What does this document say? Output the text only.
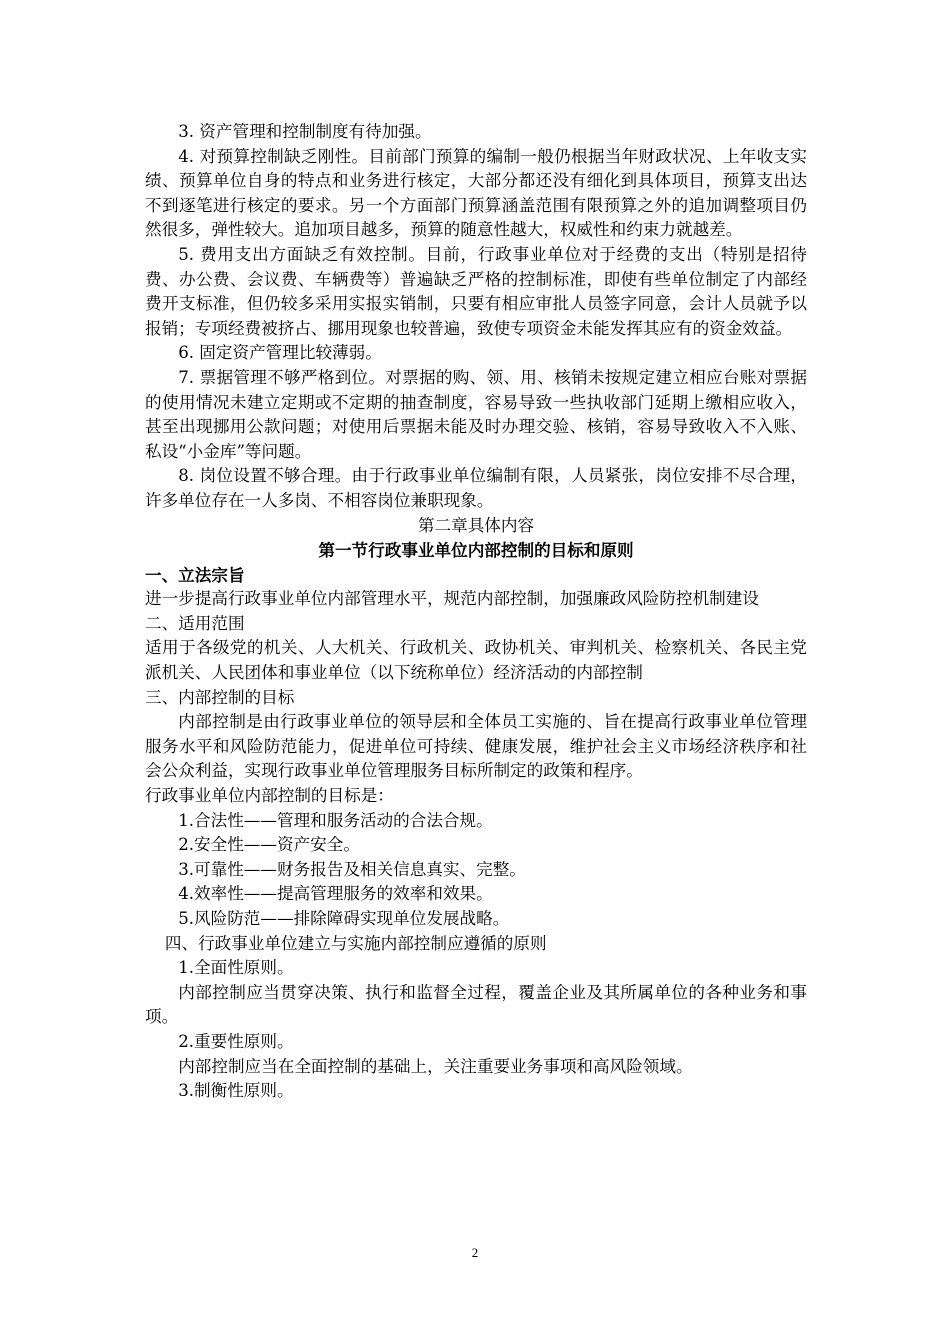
3. 资产管理和控制制度有待加强。

4. 对预算控制缺乏刚性。目前部门预算的编制一般仍根据当年财政状况、上年收支实绩、预算单位自身的特点和业务进行核定，大部分都还没有细化到具体项目，预算支出达不到逐笔进行核定的要求。另一个方面部门预算涵盖范围有限预算之外的追加调整项目仍然很多，弹性较大。追加项目越多，预算的随意性越大，权威性和约束力就越差。

5. 费用支出方面缺乏有效控制。目前，行政事业单位对于经费的支出（特别是招待费、办公费、会议费、车辆费等）普遍缺乏严格的控制标准，即使有些单位制定了内部经费开支标准，但仍较多采用实报实销制，只要有相应审批人员签字同意，会计人员就予以报销；专项经费被挤占、挪用现象也较普遍，致使专项资金未能发挥其应有的资金效益。

6. 固定资产管理比较薄弱。

7. 票据管理不够严格到位。对票据的购、领、用、核销未按规定建立相应台账对票据的使用情况未建立定期或不定期的抽查制度，容易导致一些执收部门延期上缴相应收入，甚至出现挪用公款问题；对使用后票据未能及时办理交验、核销，容易导致收入不入账、私设“小金库”等问题。

8. 岗位设置不够合理。由于行政事业单位编制有限，人员紧张，岗位安排不尽合理，许多单位存在一人多岗、不相容岗位兼职现象。

第二章具体内容

第一节行政事业单位内部控制的目标和原则

一、立法宗旨

进一步提高行政事业单位内部管理水平，规范内部控制，加强廉政风险防控机制建设

二、适用范围

适用于各级党的机关、人大机关、行政机关、政协机关、审判机关、检察机关、各民主党派机关、人民团体和事业单位（以下统称单位）经济活动的内部控制

三、内部控制的目标

内部控制是由行政事业单位的领导层和全体员工实施的、旨在提高行政事业单位管理服务水平和风险防范能力，促进单位可持续、健康发展，维护社会主义市场经济秩序和社会公众利益，实现行政事业单位管理服务目标所制定的政策和程序。

行政事业单位内部控制的目标是：

1.合法性——管理和服务活动的合法合规。

2.安全性——资产安全。

3.可靠性——财务报告及相关信息真实、完整。

4.效率性——提高管理服务的效率和效果。

5.风险防范——排除障碍实现单位发展战略。

四、行政事业单位建立与实施内部控制应遵循的原则

1.全面性原则。

内部控制应当贯穿决策、执行和监督全过程，覆盖企业及其所属单位的各种业务和事项。

2.重要性原则。

内部控制应当在全面控制的基础上，关注重要业务事项和高风险领域。

3.制衡性原则。

2
